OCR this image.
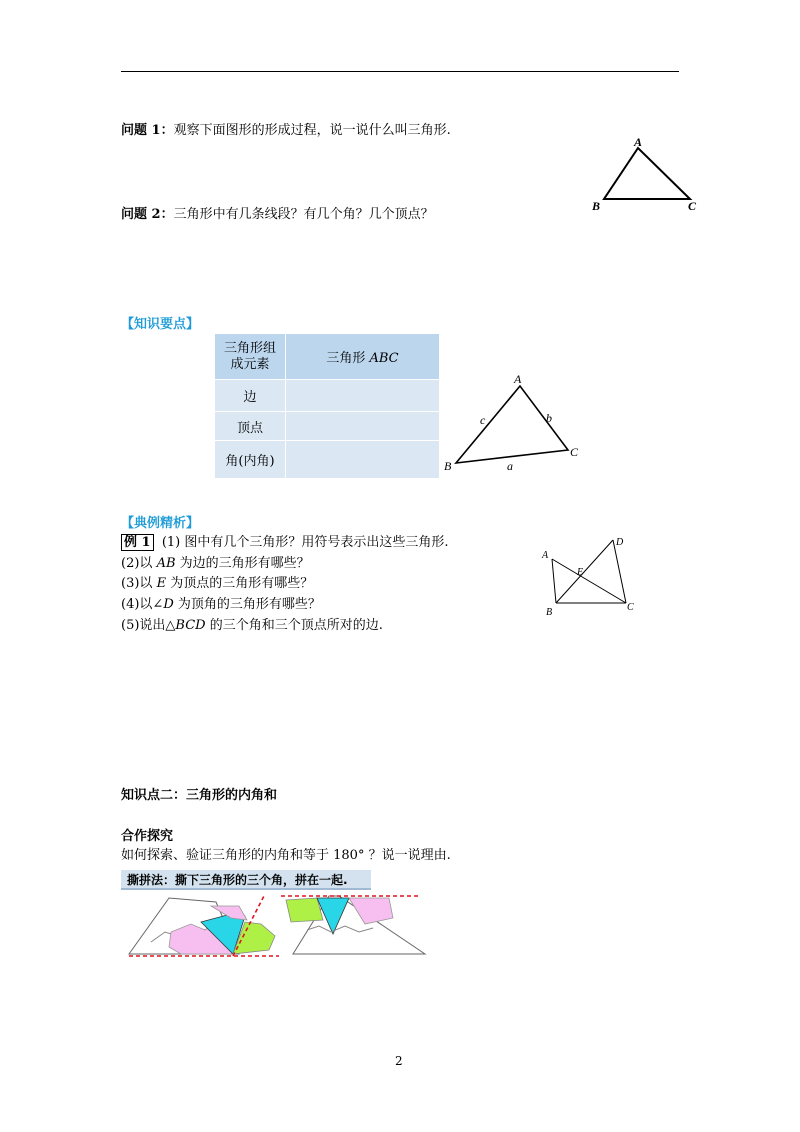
问题 1：观察下面图形的形成过程，说一说什么叫三角形.
A
B	C
问题 2：三角形中有几条线段？有几个角？几个顶点？
【知识要点】
三角形组
成元素	三角形 ABC
边	
顶点	
角(内角)	
A
B
C
c	b
a
【典例精析】
例 1 (1) 图中有几个三角形？用符号表示出这些三角形.
(2)以 AB 为边的三角形有哪些？
(3)以 E 为顶点的三角形有哪些？
(4)以∠D 为顶角的三角形有哪些？
(5)说出△BCD 的三个角和三个顶点所对的边.
A
B	C
D
E
知识点二：三角形的内角和
合作探究
如何探索、验证三角形的内角和等于 180° ？说一说理由.
撕拼法：撕下三角形的三个角，拼在一起.
2
